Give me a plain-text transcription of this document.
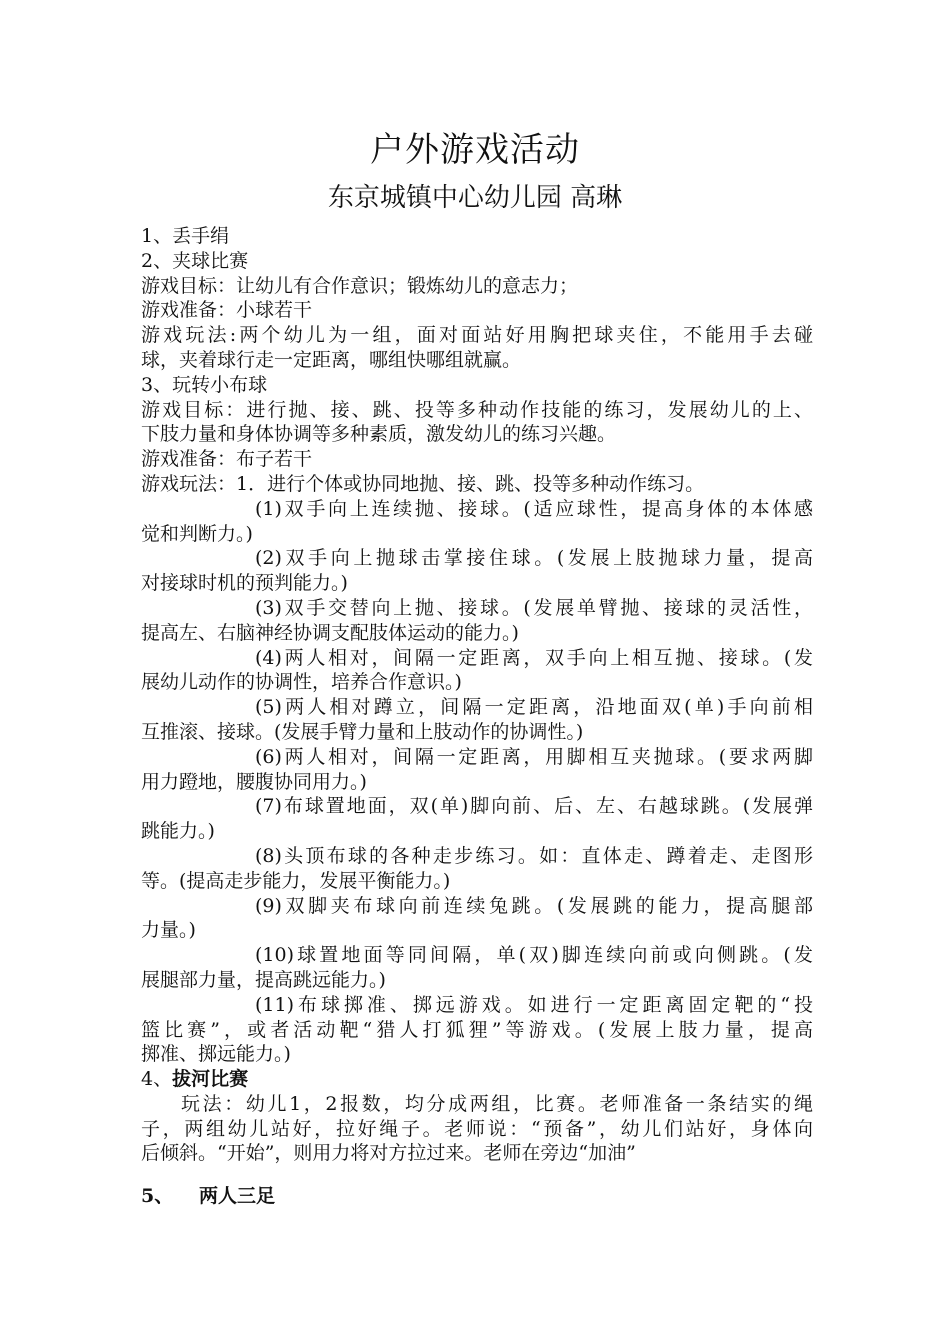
户外游戏活动
东京城镇中心幼儿园 高琳

1、丢手绢

2、夹球比赛

游戏目标：让幼儿有合作意识；锻炼幼儿的意志力；

游戏准备：小球若干

游戏玩法:两个幼儿为一组，面对面站好用胸把球夹住，不能用手去碰

球，夹着球行走一定距离，哪组快哪组就赢。

3、玩转小布球

游戏目标：进行抛、接、跳、投等多种动作技能的练习，发展幼儿的上、

下肢力量和身体协调等多种素质，激发幼儿的练习兴趣。

游戏准备：布子若干

游戏玩法：1．进行个体或协同地抛、接、跳、投等多种动作练习。

(1)双手向上连续抛、接球。(适应球性，提高身体的本体感

觉和判断力。)

(2)双手向上抛球击掌接住球。(发展上肢抛球力量，提高

对接球时机的预判能力。)

(3)双手交替向上抛、接球。(发展单臂抛、接球的灵活性，

提高左、右脑神经协调支配肢体运动的能力。)

(4)两人相对，间隔一定距离，双手向上相互抛、接球。(发

展幼儿动作的协调性，培养合作意识。)

(5)两人相对蹲立，间隔一定距离，沿地面双(单)手向前相

互推滚、接球。(发展手臂力量和上肢动作的协调性。)

(6)两人相对，间隔一定距离，用脚相互夹抛球。(要求两脚

用力蹬地，腰腹协同用力。)

(7)布球置地面，双(单)脚向前、后、左、右越球跳。(发展弹

跳能力。)

(8)头顶布球的各种走步练习。如：直体走、蹲着走、走图形

等。(提高走步能力，发展平衡能力。)

(9)双脚夹布球向前连续兔跳。(发展跳的能力，提高腿部

力量。)

(10)球置地面等同间隔，单(双)脚连续向前或向侧跳。(发

展腿部力量，提高跳远能力。)

(11)布球掷准、掷远游戏。如进行一定距离固定靶的“投

篮比赛”，或者活动靶“猎人打狐狸”等游戏。(发展上肢力量，提高

掷准、掷远能力。)

4、拔河比赛

玩法：幼儿1，2报数，均分成两组，比赛。老师准备一条结实的绳

子，两组幼儿站好，拉好绳子。老师说：“预备”，幼儿们站好，身体向

后倾斜。“开始”，则用力将对方拉过来。老师在旁边“加油”

5、 两人三足
